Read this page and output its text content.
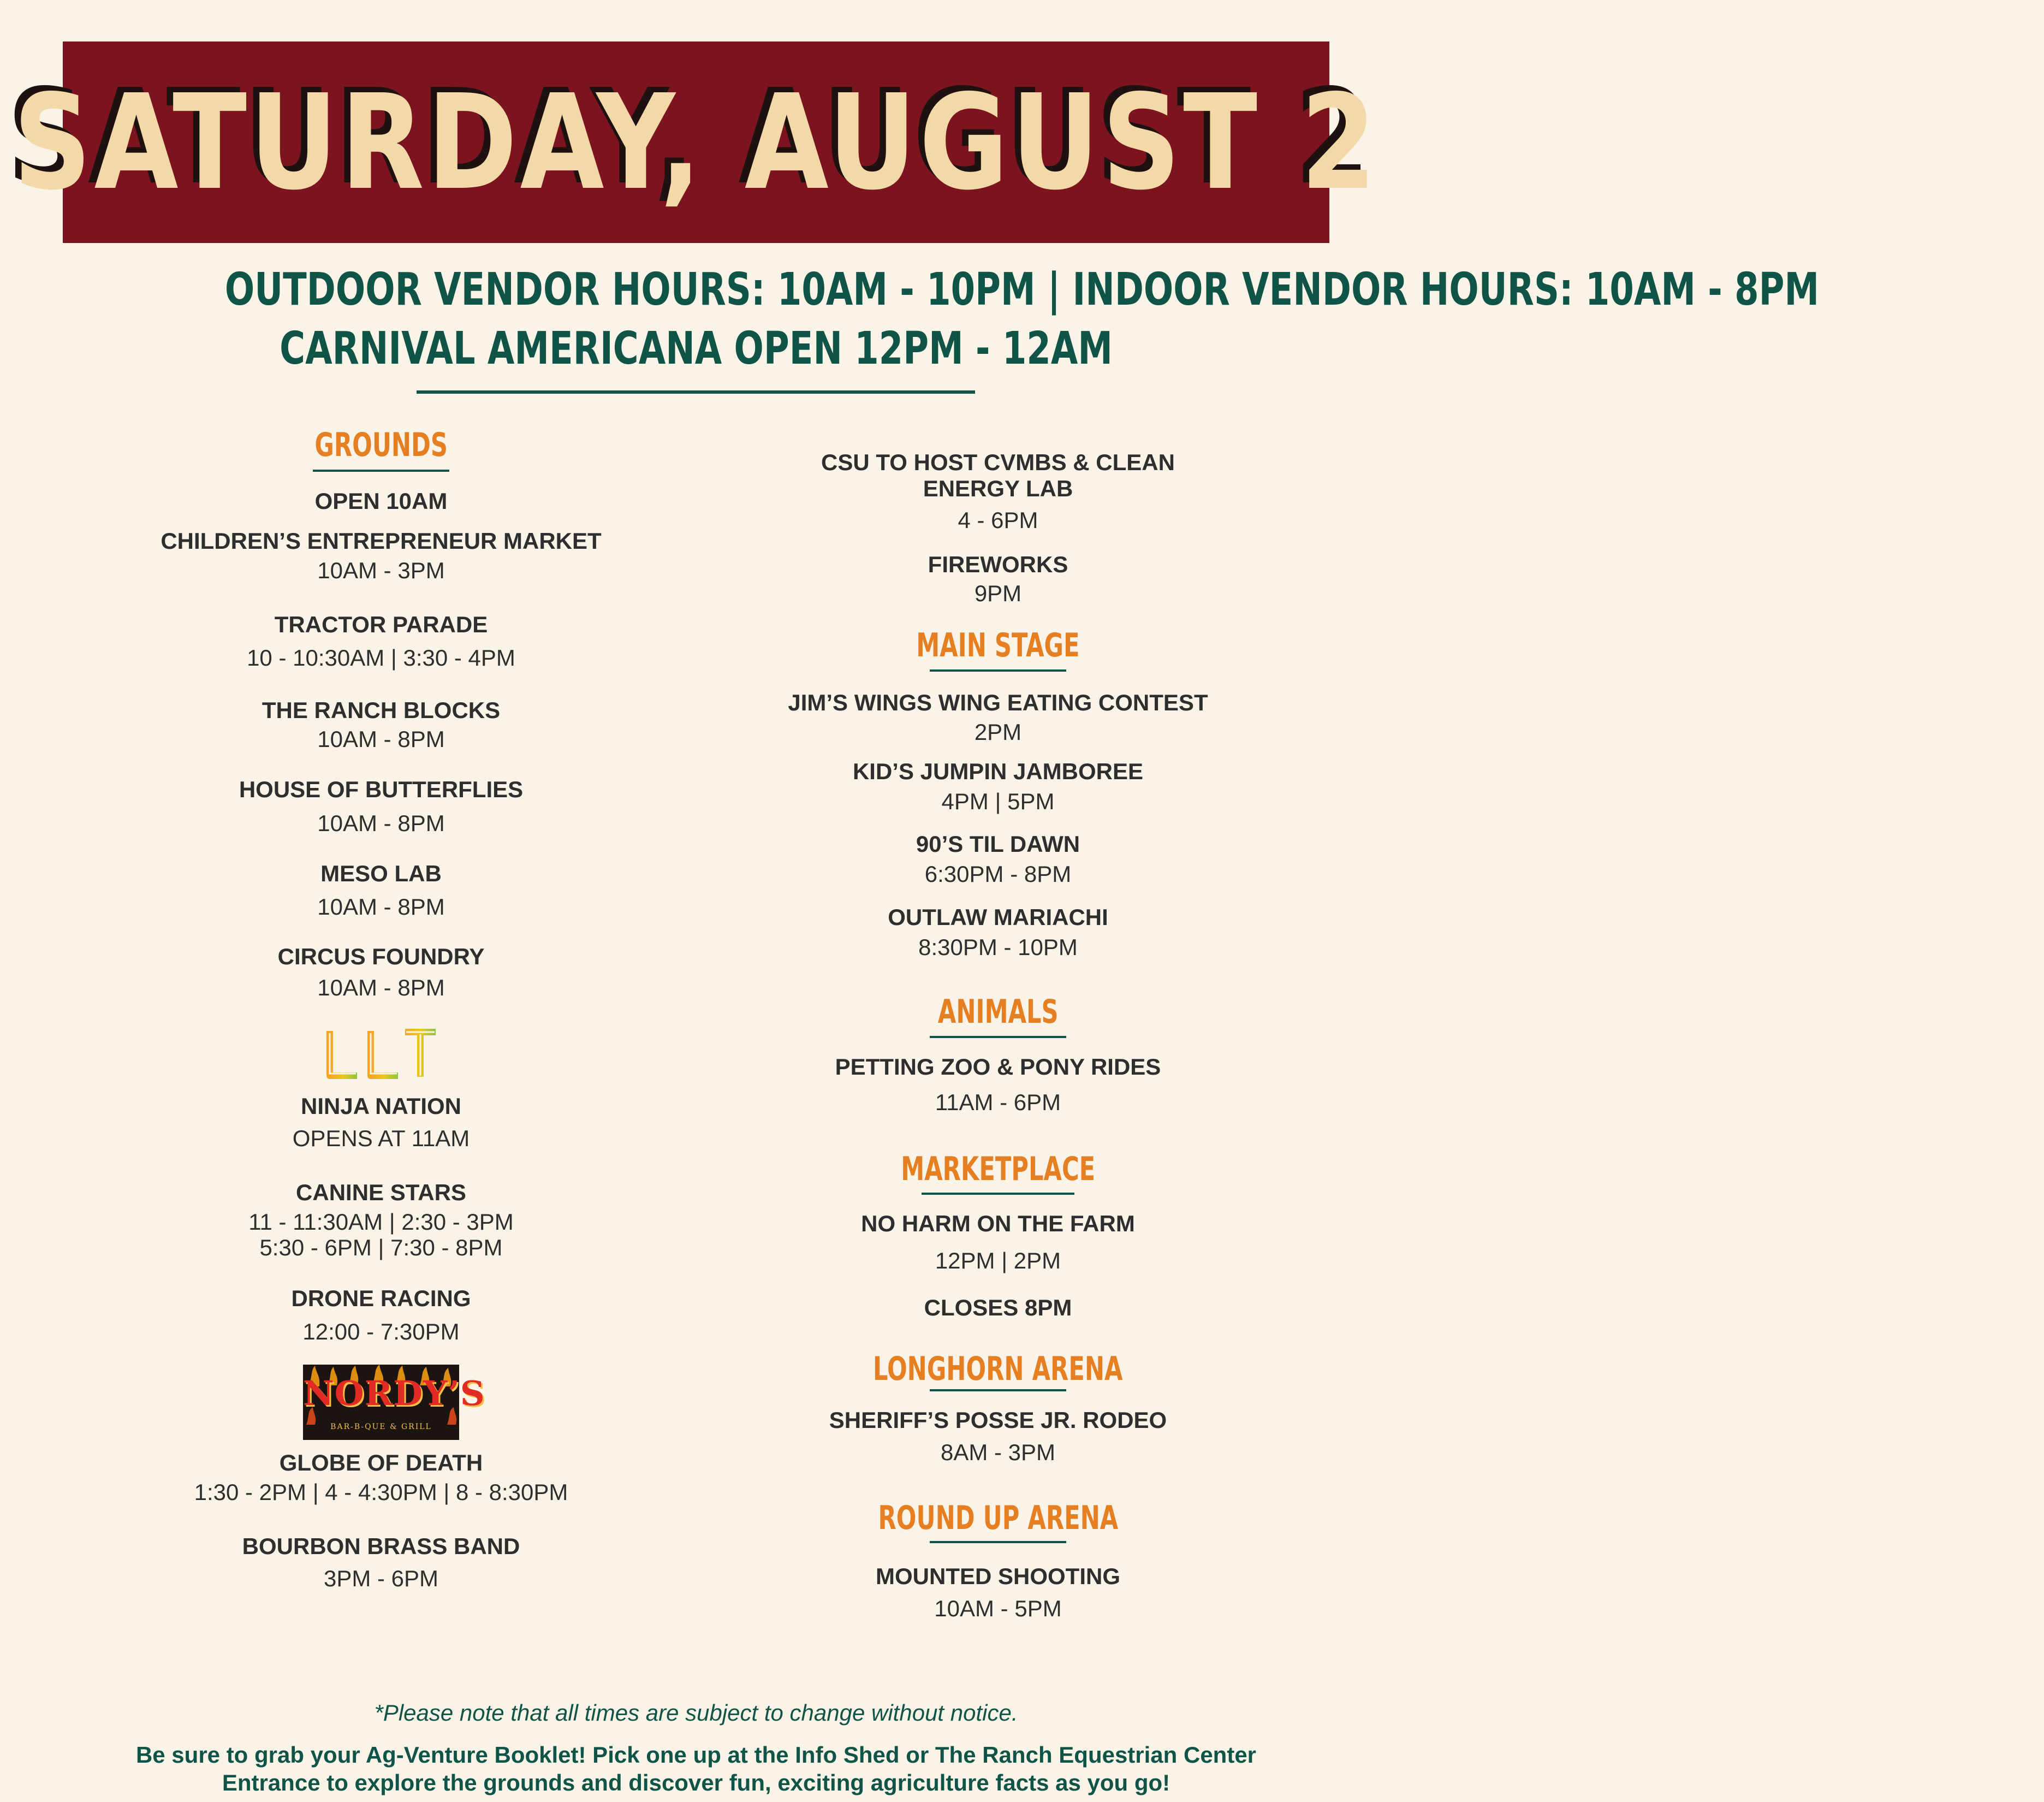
SATURDAY, AUGUST 2
OUTDOOR VENDOR HOURS: 10AM - 10PM | INDOOR VENDOR HOURS: 10AM - 8PM
CARNIVAL AMERICANA OPEN 12PM - 12AM
GROUNDS
OPEN 10AM
CHILDREN’S ENTREPRENEUR MARKET
10AM - 3PM
TRACTOR PARADE
10 - 10:30AM | 3:30 - 4PM
THE RANCH BLOCKS
10AM - 8PM
HOUSE OF BUTTERFLIES
10AM - 8PM
MESO LAB
10AM - 8PM
CIRCUS FOUNDRY
10AM - 8PM
NINJA NATION
OPENS AT 11AM
CANINE STARS
11 - 11:30AM | 2:30 - 3PM
5:30 - 6PM | 7:30 - 8PM
DRONE RACING
12:00 - 7:30PM
GLOBE OF DEATH
1:30 - 2PM | 4 - 4:30PM | 8 - 8:30PM
BOURBON BRASS BAND
3PM - 6PM
LLT
NORDY’S
BAR-B-QUE & GRILL
CSU TO HOST CVMBS & CLEAN
ENERGY LAB
4 - 6PM
FIREWORKS
9PM
MAIN STAGE
JIM’S WINGS WING EATING CONTEST
2PM
KID’S JUMPIN JAMBOREE
4PM | 5PM
90’S TIL DAWN
6:30PM - 8PM
OUTLAW MARIACHI
8:30PM - 10PM
ANIMALS
PETTING ZOO & PONY RIDES
11AM - 6PM
MARKETPLACE
NO HARM ON THE FARM
12PM | 2PM
CLOSES 8PM
LONGHORN ARENA
SHERIFF’S POSSE JR. RODEO
8AM - 3PM
ROUND UP ARENA
MOUNTED SHOOTING
10AM - 5PM
*Please note that all times are subject to change without notice.
Be sure to grab your Ag-Venture Booklet! Pick one up at the Info Shed or The Ranch Equestrian Center
Entrance to explore the grounds and discover fun, exciting agriculture facts as you go!
